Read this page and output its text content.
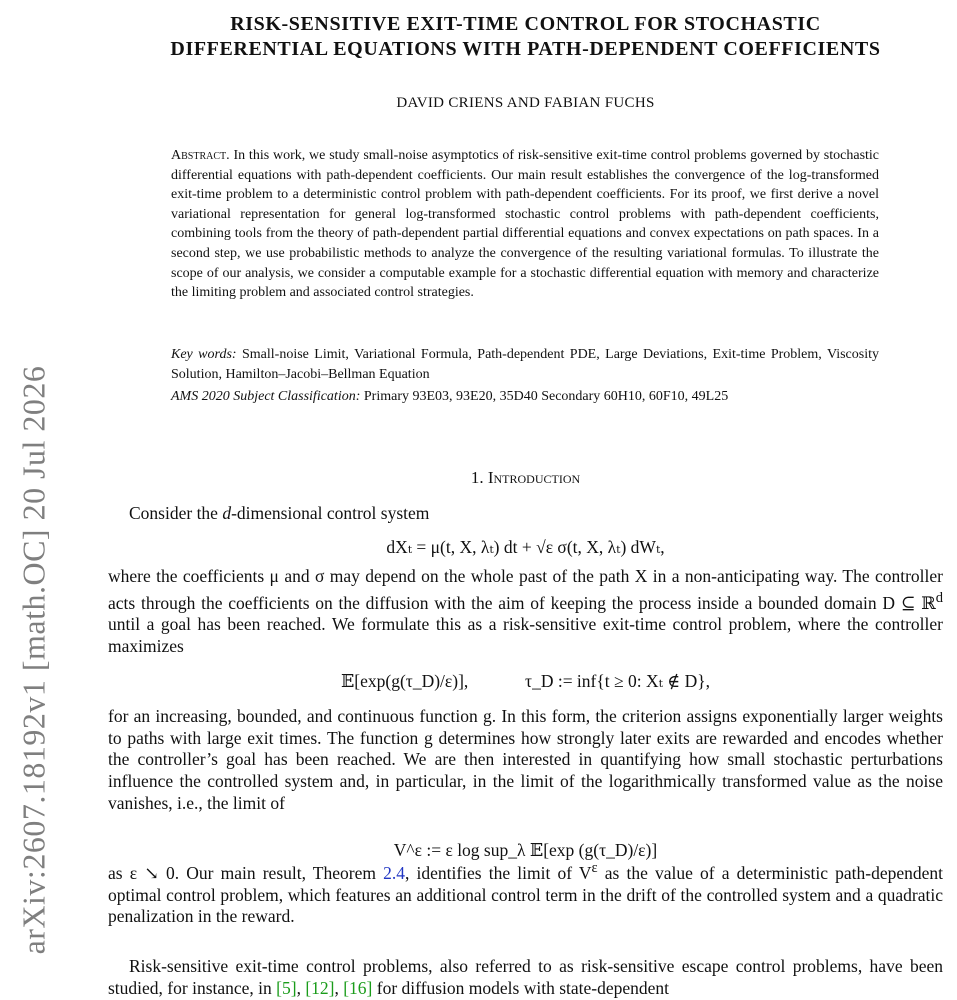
arXiv:2607.18192v1 [math.OC] 20 Jul 2026
RISK-SENSITIVE EXIT-TIME CONTROL FOR STOCHASTIC
DIFFERENTIAL EQUATIONS WITH PATH-DEPENDENT COEFFICIENTS
DAVID CRIENS AND FABIAN FUCHS
Abstract. In this work, we study small-noise asymptotics of risk-sensitive exit-time control problems governed by stochastic differential equations with path-dependent coefficients. Our main result establishes the convergence of the log-transformed exit-time problem to a deterministic control problem with path-dependent coefficients. For its proof, we first derive a novel variational representation for general log-transformed stochastic control problems with path-dependent coefficients, combining tools from the theory of path-dependent partial differential equations and convex expectations on path spaces. In a second step, we use probabilistic methods to analyze the convergence of the resulting variational formulas. To illustrate the scope of our analysis, we consider a computable example for a stochastic differential equation with memory and characterize the limiting problem and associated control strategies.
Key words: Small-noise Limit, Variational Formula, Path-dependent PDE, Large Deviations, Exit-time Problem, Viscosity Solution, Hamilton–Jacobi–Bellman Equation
AMS 2020 Subject Classification: Primary 93E03, 93E20, 35D40 Secondary 60H10, 60F10, 49L25
1. Introduction
Consider the d-dimensional control system
dXₜ = μ(t, X, λₜ) dt + √ε σ(t, X, λₜ) dWₜ,
where the coefficients μ and σ may depend on the whole past of the path X in a non-anticipating way. The controller acts through the coefficients on the diffusion with the aim of keeping the process inside a bounded domain D ⊆ ℝ$^d$ until a goal has been reached. We formulate this as a risk-sensitive exit-time control problem, where the controller maximizes
𝔼[exp(g(τ_D)/ε)],	τ_D := inf{t ≥ 0: Xₜ ∉ D},
for an increasing, bounded, and continuous function g. In this form, the criterion assigns exponentially larger weights to paths with large exit times. The function g determines how strongly later exits are rewarded and encodes whether the controller’s goal has been reached. We are then interested in quantifying how small stochastic perturbations influence the controlled system and, in particular, in the limit of the logarithmically transformed value as the noise vanishes, i.e., the limit of
V^ε := ε log sup_λ 𝔼[exp (g(τ_D)/ε)]
as ε ↘ 0. Our main result, Theorem 2.4, identifies the limit of $V^\varepsilon$ as the value of a deterministic path-dependent optimal control problem, which features an additional control term in the drift of the controlled system and a quadratic penalization in the reward.
Risk-sensitive exit-time control problems, also referred to as risk-sensitive escape control problems, have been studied, for instance, in [5], [12], [16] for diffusion models with state-dependent
